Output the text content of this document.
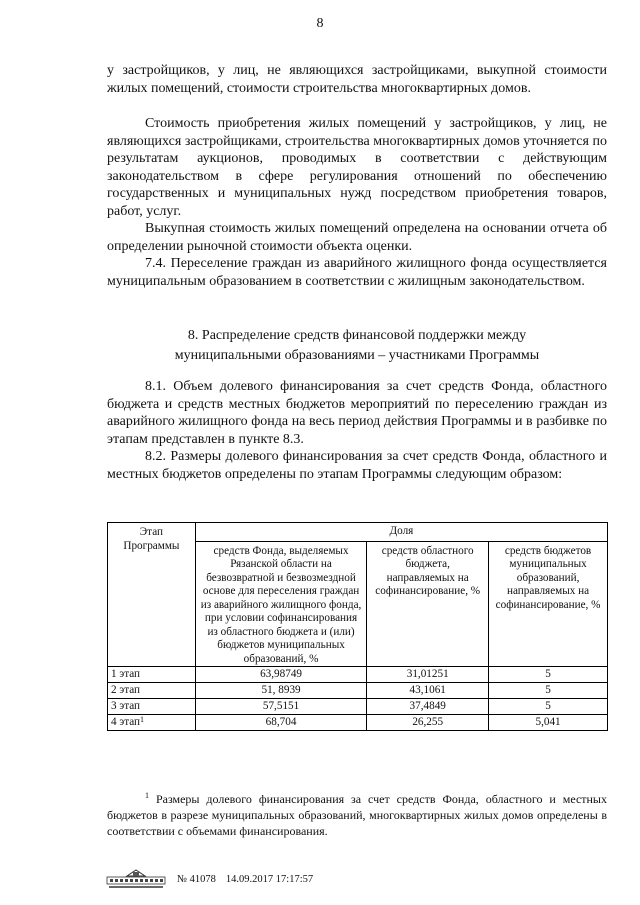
8
у застройщиков, у лиц, не являющихся застройщиками, выкупной стоимости жилых помещений, стоимости строительства многоквартирных домов.
Стоимость приобретения жилых помещений у застройщиков, у лиц, не являющихся застройщиками, строительства многоквартирных домов уточняется по результатам аукционов, проводимых в соответствии с действующим законодательством в сфере регулирования отношений по обеспечению государственных и муниципальных нужд посредством приобретения товаров, работ, услуг.
Выкупная стоимость жилых помещений определена на основании отчета об определении рыночной стоимости объекта оценки.
7.4. Переселение граждан из аварийного жилищного фонда осуществляется муниципальным образованием в соответствии с жилищным законодательством.
8. Распределение средств финансовой поддержки между
муниципальными образованиями – участниками Программы
8.1. Объем долевого финансирования за счет средств Фонда, областного бюджета и средств местных бюджетов мероприятий по переселению граждан из аварийного жилищного фонда на весь период действия Программы и в разбивке по этапам представлен в пункте 8.3.
8.2. Размеры долевого финансирования за счет средств Фонда, областного и местных бюджетов определены по этапам Программы следующим образом:
Этап Программы	Доля		
	средств Фонда, выделяемых Рязанской области на безвозвратной и безвозмездной основе для переселения граждан из аварийного жилищного фонда, при условии софинансирования из областного бюджета и (или) бюджетов муниципальных образований, %	средств областного бюджета, направляемых на софинансирование, %	средств бюджетов муниципальных образований, направляемых на софинансирование, %
1 этап	63,98749	31,01251	5
2 этап	51, 8939	43,1061	5
3 этап	57,5151	37,4849	5
4 этап$^1$	68,704	26,255	5,041
$^1$ Размеры долевого финансирования за счет средств Фонда, областного и местных бюджетов в разрезе муниципальных образований, многоквартирных жилых домов определены в соответствии с объемами финансирования.
№ 41078 14.09.2017 17:17:57
